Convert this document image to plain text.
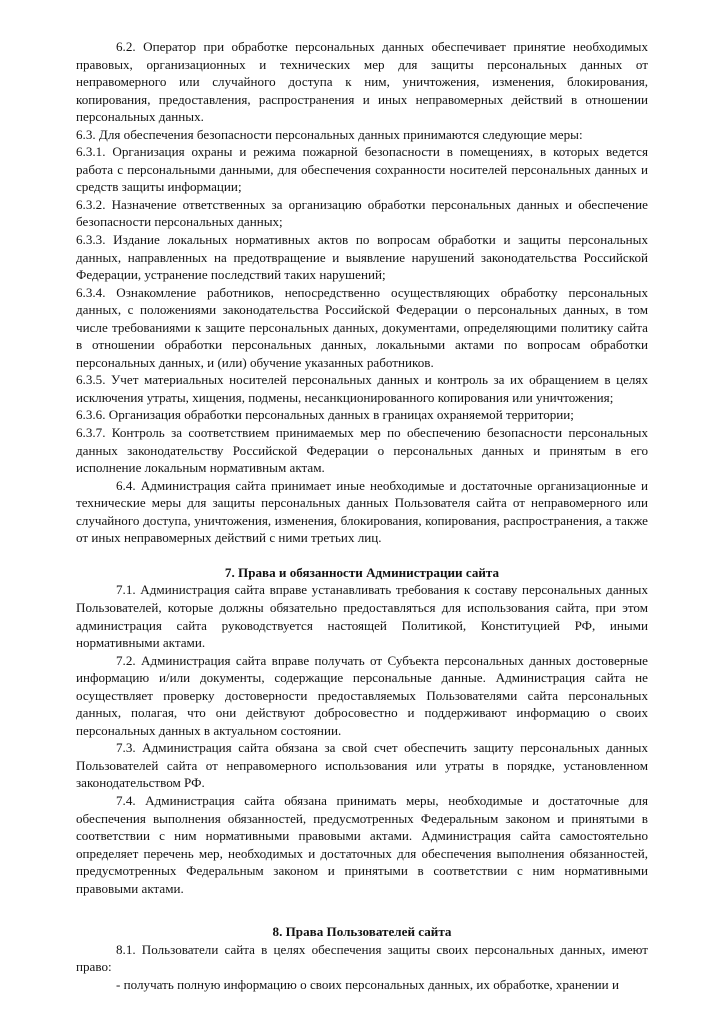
6.2. Оператор при обработке персональных данных обеспечивает принятие необходимых правовых, организационных и технических мер для защиты персональных данных от неправомерного или случайного доступа к ним, уничтожения, изменения, блокирования, копирования, предоставления, распространения и иных неправомерных действий в отношении персональных данных.

6.3. Для обеспечения безопасности персональных данных принимаются следующие меры:

6.3.1. Организация охраны и режима пожарной безопасности в помещениях, в которых ведется работа с персональными данными, для обеспечения сохранности носителей персональных данных и средств защиты информации;

6.3.2. Назначение ответственных за организацию обработки персональных данных и обеспечение безопасности персональных данных;

6.3.3. Издание локальных нормативных актов по вопросам обработки и защиты персональных данных, направленных на предотвращение и выявление нарушений законодательства Российской Федерации, устранение последствий таких нарушений;

6.3.4. Ознакомление работников, непосредственно осуществляющих обработку персональных данных, с положениями законодательства Российской Федерации о персональных данных, в том числе требованиями к защите персональных данных, документами, определяющими политику сайта в отношении обработки персональных данных, локальными актами по вопросам обработки персональных данных, и (или) обучение указанных работников.

6.3.5. Учет материальных носителей персональных данных и контроль за их обращением в целях исключения утраты, хищения, подмены, несанкционированного копирования или уничтожения;

6.3.6. Организация обработки персональных данных в границах охраняемой территории;

6.3.7. Контроль за соответствием принимаемых мер по обеспечению безопасности персональных данных законодательству Российской Федерации о персональных данных и принятым в его исполнение локальным нормативным актам.

6.4. Администрация сайта принимает иные необходимые и достаточные организационные и технические меры для защиты персональных данных Пользователя сайта от неправомерного или случайного доступа, уничтожения, изменения, блокирования, копирования, распространения, а также от иных неправомерных действий с ними третьих лиц.

7. Права и обязанности Администрации сайта

7.1. Администрация сайта вправе устанавливать требования к составу персональных данных Пользователей, которые должны обязательно предоставляться для использования сайта, при этом администрация сайта руководствуется настоящей Политикой, Конституцией РФ, иными нормативными актами.

7.2. Администрация сайта вправе получать от Субъекта персональных данных достоверные информацию и/или документы, содержащие персональные данные. Администрация сайта не осуществляет проверку достоверности предоставляемых Пользователями сайта персональных данных, полагая, что они действуют добросовестно и поддерживают информацию о своих персональных данных в актуальном состоянии.

7.3. Администрация сайта обязана за свой счет обеспечить защиту персональных данных Пользователей сайта от неправомерного использования или утраты в порядке, установленном законодательством РФ.

7.4. Администрация сайта обязана принимать меры, необходимые и достаточные для обеспечения выполнения обязанностей, предусмотренных Федеральным законом и принятыми в соответствии с ним нормативными правовыми актами. Администрация сайта самостоятельно определяет перечень мер, необходимых и достаточных для обеспечения выполнения обязанностей, предусмотренных Федеральным законом и принятыми в соответствии с ним нормативными правовыми актами.

8. Права Пользователей сайта

8.1. Пользователи сайта в целях обеспечения защиты своих персональных данных, имеют право:

- получать полную информацию о своих персональных данных, их обработке, хранении и
